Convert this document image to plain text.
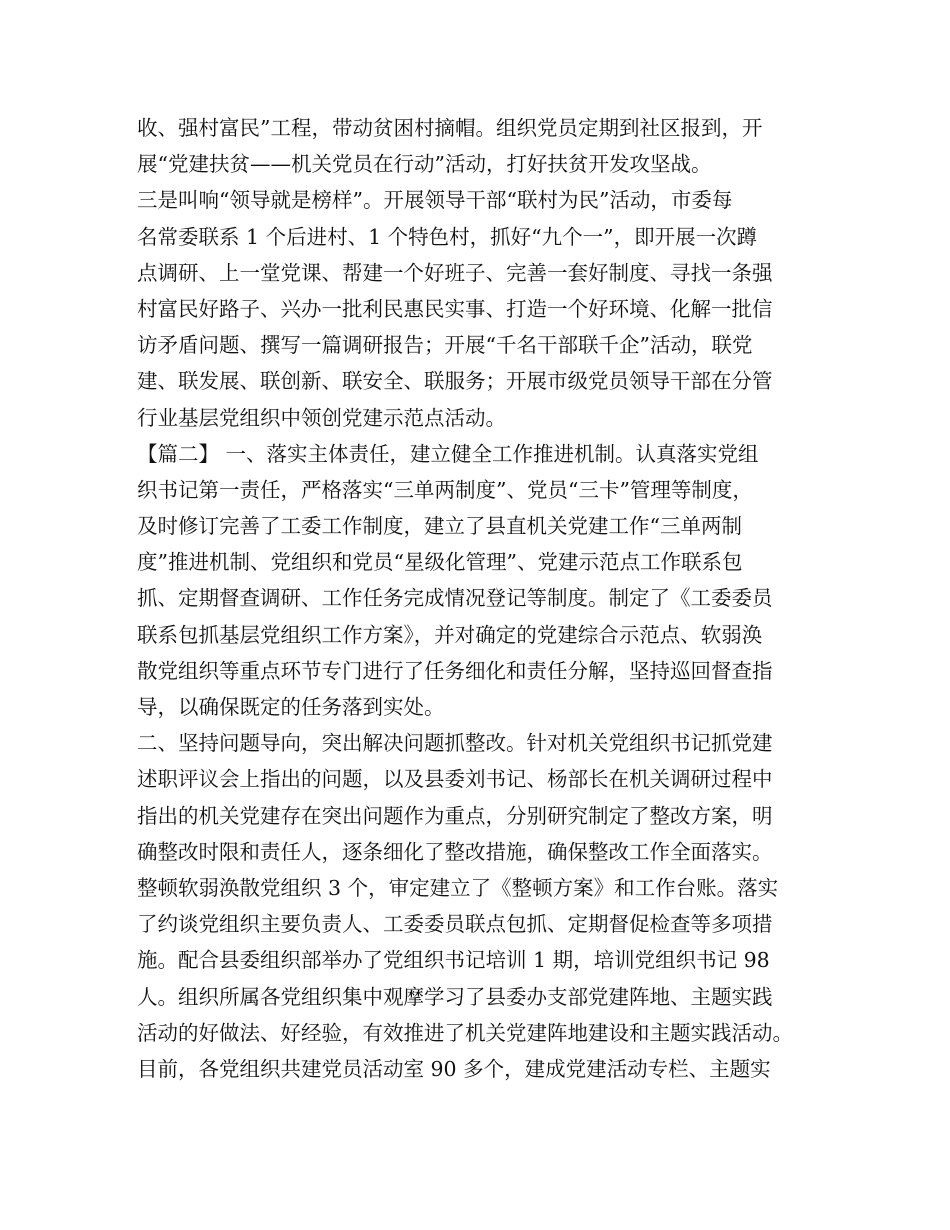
收、强村富民”工程，带动贫困村摘帽。组织党员定期到社区报到，开
展“党建扶贫——机关党员在行动”活动，打好扶贫开发攻坚战。
三是叫响“领导就是榜样”。开展领导干部“联村为民”活动，市委每
名常委联系 1 个后进村、1 个特色村，抓好“九个一”，即开展一次蹲
点调研、上一堂党课、帮建一个好班子、完善一套好制度、寻找一条强
村富民好路子、兴办一批利民惠民实事、打造一个好环境、化解一批信
访矛盾问题、撰写一篇调研报告；开展“千名干部联千企”活动，联党
建、联发展、联创新、联安全、联服务；开展市级党员领导干部在分管
行业基层党组织中领创党建示范点活动。
【篇二】 一、落实主体责任，建立健全工作推进机制。认真落实党组
织书记第一责任，严格落实“三单两制度”、党员“三卡”管理等制度，
及时修订完善了工委工作制度，建立了县直机关党建工作“三单两制
度”推进机制、党组织和党员“星级化管理”、党建示范点工作联系包
抓、定期督查调研、工作任务完成情况登记等制度。制定了《工委委员
联系包抓基层党组织工作方案》，并对确定的党建综合示范点、软弱涣
散党组织等重点环节专门进行了任务细化和责任分解，坚持巡回督查指
导，以确保既定的任务落到实处。
二、坚持问题导向，突出解决问题抓整改。针对机关党组织书记抓党建
述职评议会上指出的问题，以及县委刘书记、杨部长在机关调研过程中
指出的机关党建存在突出问题作为重点，分别研究制定了整改方案，明
确整改时限和责任人，逐条细化了整改措施，确保整改工作全面落实。
整顿软弱涣散党组织 3 个，审定建立了《整顿方案》和工作台账。落实
了约谈党组织主要负责人、工委委员联点包抓、定期督促检查等多项措
施。配合县委组织部举办了党组织书记培训 1 期，培训党组织书记 98
人。组织所属各党组织集中观摩学习了县委办支部党建阵地、主题实践
活动的好做法、好经验，有效推进了机关党建阵地建设和主题实践活动。
目前，各党组织共建党员活动室 90 多个，建成党建活动专栏、主题实
